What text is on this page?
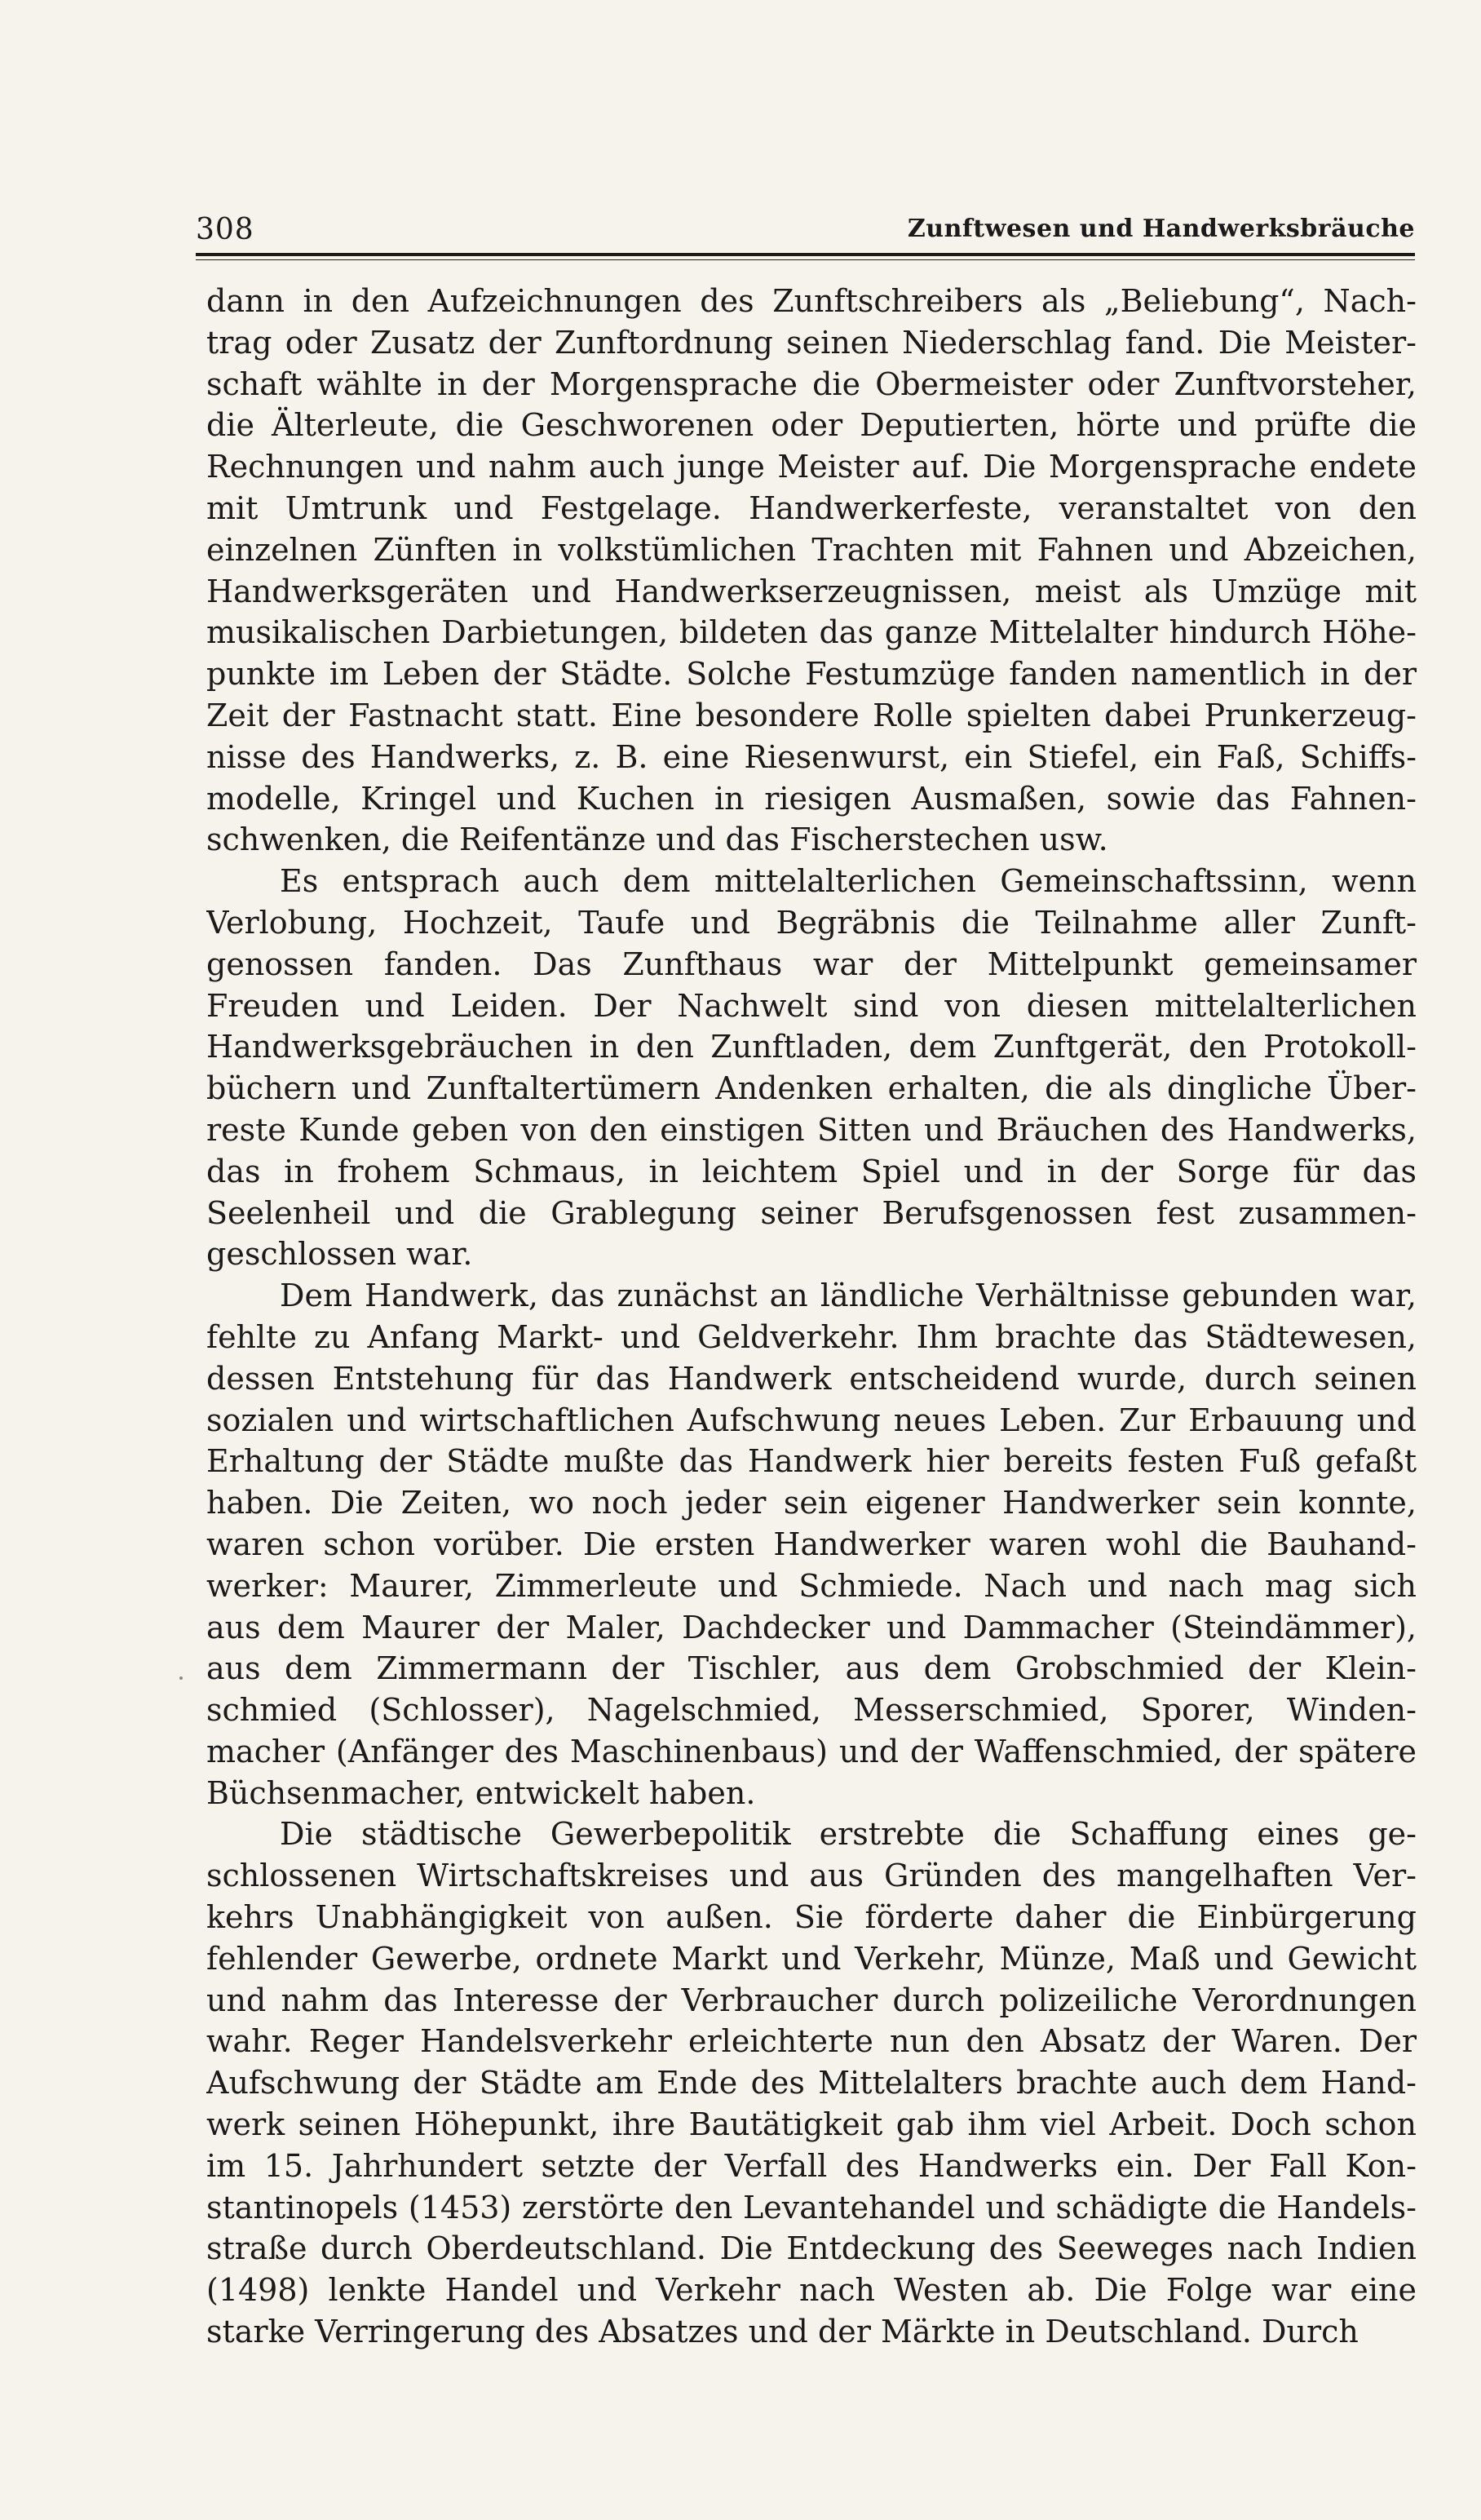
308	Zunftwesen und Handwerksbräuche
dann in den Aufzeichnungen des Zunftschreibers als „Beliebung“, Nach-
trag oder Zusatz der Zunftordnung seinen Niederschlag fand. Die Meister-
schaft wählte in der Morgensprache die Obermeister oder Zunftvorsteher,
die Älterleute, die Geschworenen oder Deputierten, hörte und prüfte die
Rechnungen und nahm auch junge Meister auf. Die Morgensprache endete
mit Umtrunk und Festgelage. Handwerkerfeste, veranstaltet von den
einzelnen Zünften in volkstümlichen Trachten mit Fahnen und Abzeichen,
Handwerksgeräten und Handwerkserzeugnissen, meist als Umzüge mit
musikalischen Darbietungen, bildeten das ganze Mittelalter hindurch Höhe-
punkte im Leben der Städte. Solche Festumzüge fanden namentlich in der
Zeit der Fastnacht statt. Eine besondere Rolle spielten dabei Prunkerzeug-
nisse des Handwerks, z. B. eine Riesenwurst, ein Stiefel, ein Faß, Schiffs-
modelle, Kringel und Kuchen in riesigen Ausmaßen, sowie das Fahnen-
schwenken, die Reifentänze und das Fischerstechen usw.
Es entsprach auch dem mittelalterlichen Gemeinschaftssinn, wenn
Verlobung, Hochzeit, Taufe und Begräbnis die Teilnahme aller Zunft-
genossen fanden. Das Zunfthaus war der Mittelpunkt gemeinsamer
Freuden und Leiden. Der Nachwelt sind von diesen mittelalterlichen
Handwerksgebräuchen in den Zunftladen, dem Zunftgerät, den Protokoll-
büchern und Zunftaltertümern Andenken erhalten, die als dingliche Über-
reste Kunde geben von den einstigen Sitten und Bräuchen des Handwerks,
das in frohem Schmaus, in leichtem Spiel und in der Sorge für das
Seelenheil und die Grablegung seiner Berufsgenossen fest zusammen-
geschlossen war.
Dem Handwerk, das zunächst an ländliche Verhältnisse gebunden war,
fehlte zu Anfang Markt- und Geldverkehr. Ihm brachte das Städtewesen,
dessen Entstehung für das Handwerk entscheidend wurde, durch seinen
sozialen und wirtschaftlichen Aufschwung neues Leben. Zur Erbauung und
Erhaltung der Städte mußte das Handwerk hier bereits festen Fuß gefaßt
haben. Die Zeiten, wo noch jeder sein eigener Handwerker sein konnte,
waren schon vorüber. Die ersten Handwerker waren wohl die Bauhand-
werker: Maurer, Zimmerleute und Schmiede. Nach und nach mag sich
aus dem Maurer der Maler, Dachdecker und Dammacher (Steindämmer),
aus dem Zimmermann der Tischler, aus dem Grobschmied der Klein-
schmied (Schlosser), Nagelschmied, Messerschmied, Sporer, Winden-
macher (Anfänger des Maschinenbaus) und der Waffenschmied, der spätere
Büchsenmacher, entwickelt haben.
Die städtische Gewerbepolitik erstrebte die Schaffung eines ge-
schlossenen Wirtschaftskreises und aus Gründen des mangelhaften Ver-
kehrs Unabhängigkeit von außen. Sie förderte daher die Einbürgerung
fehlender Gewerbe, ordnete Markt und Verkehr, Münze, Maß und Gewicht
und nahm das Interesse der Verbraucher durch polizeiliche Verordnungen
wahr. Reger Handelsverkehr erleichterte nun den Absatz der Waren. Der
Aufschwung der Städte am Ende des Mittelalters brachte auch dem Hand-
werk seinen Höhepunkt, ihre Bautätigkeit gab ihm viel Arbeit. Doch schon
im 15. Jahrhundert setzte der Verfall des Handwerks ein. Der Fall Kon-
stantinopels (1453) zerstörte den Levantehandel und schädigte die Handels-
straße durch Oberdeutschland. Die Entdeckung des Seeweges nach Indien
(1498) lenkte Handel und Verkehr nach Westen ab. Die Folge war eine
starke Verringerung des Absatzes und der Märkte in Deutschland. Durch
